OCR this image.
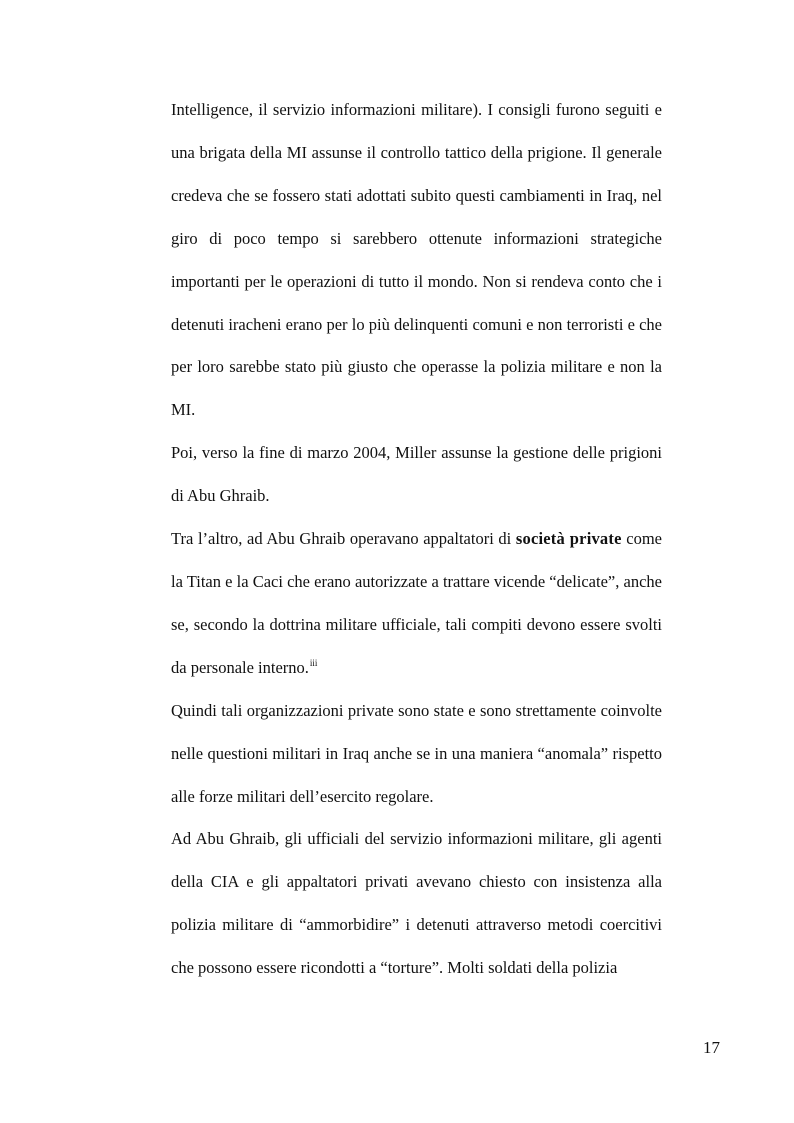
Intelligence, il servizio informazioni militare). I consigli furono seguiti e una brigata della MI assunse il controllo tattico della prigione. Il generale credeva che se fossero stati adottati subito questi cambiamenti in Iraq, nel giro di poco tempo si sarebbero ottenute informazioni strategiche importanti per le operazioni di tutto il mondo. Non si rendeva conto che i detenuti iracheni erano per lo più delinquenti comuni e non terroristi e che per loro sarebbe stato più giusto che operasse la polizia militare e non la MI.

Poi, verso la fine di marzo 2004, Miller assunse la gestione delle prigioni di Abu Ghraib.

Tra l’altro, ad Abu Ghraib operavano appaltatori di società private come la Titan e la Caci che erano autorizzate a trattare vicende “delicate”, anche se, secondo la dottrina militare ufficiale, tali compiti devono essere svolti da personale interno.$^{iii}$

Quindi tali organizzazioni private sono state e sono strettamente coinvolte nelle questioni militari in Iraq anche se in una maniera “anomala” rispetto alle forze militari dell’esercito regolare.

Ad Abu Ghraib, gli ufficiali del servizio informazioni militare, gli agenti della CIA e gli appaltatori privati avevano chiesto con insistenza alla polizia militare di “ammorbidire” i detenuti attraverso metodi coercitivi che possono essere ricondotti a “torture”. Molti soldati della polizia

17
